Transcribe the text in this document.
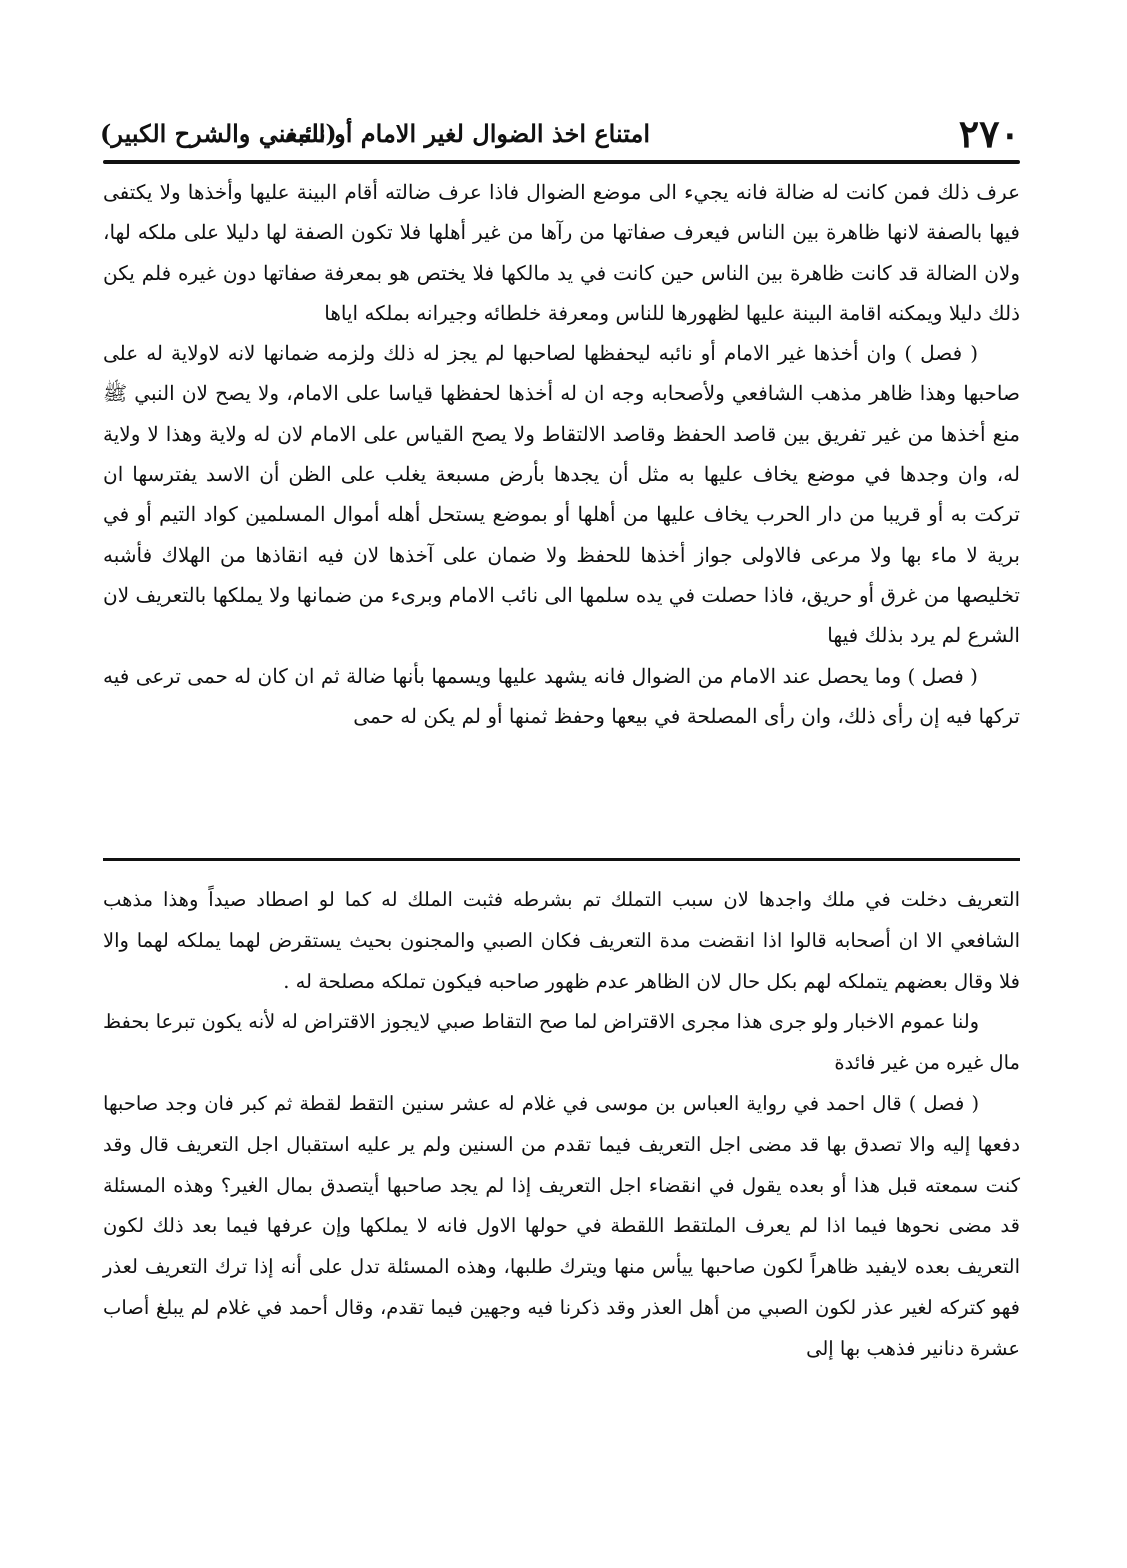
٢٧٠
امتناع اخذ الضوال لغير الامام أو نائبه
(المغني والشرح الكبير)

عرف ذلك فمن كانت له ضالة فانه يجيء الى موضع الضوال فاذا عرف ضالته أقام البينة عليها وأخذها ولا يكتفى فيها بالصفة لانها ظاهرة بين الناس فيعرف صفاتها من رآها من غير أهلها فلا تكون الصفة لها دليلا على ملكه لها، ولان الضالة قد كانت ظاهرة بين الناس حين كانت في يد مالكها فلا يختص هو بمعرفة صفاتها دون غيره فلم يكن ذلك دليلا ويمكنه اقامة البينة عليها لظهورها للناس ومعرفة خلطائه وجيرانه بملكه اياها

( فصل ) وان أخذها غير الامام أو نائبه ليحفظها لصاحبها لم يجز له ذلك ولزمه ضمانها لانه لاولاية له على صاحبها وهذا ظاهر مذهب الشافعي ولأصحابه وجه ان له أخذها لحفظها قياسا على الامام، ولا يصح لان النبي ﷺ منع أخذها من غير تفريق بين قاصد الحفظ وقاصد الالتقاط ولا يصح القياس على الامام لان له ولاية وهذا لا ولاية له، وان وجدها في موضع يخاف عليها به مثل أن يجدها بأرض مسبعة يغلب على الظن أن الاسد يفترسها ان تركت به أو قريبا من دار الحرب يخاف عليها من أهلها أو بموضع يستحل أهله أموال المسلمين كواد التيم أو في برية لا ماء بها ولا مرعى فالاولى جواز أخذها للحفظ ولا ضمان على آخذها لان فيه انقاذها من الهلاك فأشبه تخليصها من غرق أو حريق، فاذا حصلت في يده سلمها الى نائب الامام وبرىء من ضمانها ولا يملكها بالتعريف لان الشرع لم يرد بذلك فيها

( فصل ) وما يحصل عند الامام من الضوال فانه يشهد عليها ويسمها بأنها ضالة ثم ان كان له حمى ترعى فيه تركها فيه إن رأى ذلك، وان رأى المصلحة في بيعها وحفظ ثمنها أو لم يكن له حمى

التعريف دخلت في ملك واجدها لان سبب التملك تم بشرطه فثبت الملك له كما لو اصطاد صيداً وهذا مذهب الشافعي الا ان أصحابه قالوا اذا انقضت مدة التعريف فكان الصبي والمجنون بحيث يستقرض لهما يملكه لهما والا فلا وقال بعضهم يتملكه لهم بكل حال لان الظاهر عدم ظهور صاحبه فيكون تملكه مصلحة له .

ولنا عموم الاخبار ولو جرى هذا مجرى الاقتراض لما صح التقاط صبي لايجوز الاقتراض له لأنه يكون تبرعا بحفظ مال غيره من غير فائدة

( فصل ) قال احمد في رواية العباس بن موسى في غلام له عشر سنين التقط لقطة ثم كبر فان وجد صاحبها دفعها إليه والا تصدق بها قد مضى اجل التعريف فيما تقدم من السنين ولم ير عليه استقبال اجل التعريف قال وقد كنت سمعته قبل هذا أو بعده يقول في انقضاء اجل التعريف إذا لم يجد صاحبها أيتصدق بمال الغير؟ وهذه المسئلة قد مضى نحوها فيما اذا لم يعرف الملتقط اللقطة في حولها الاول فانه لا يملكها وإن عرفها فيما بعد ذلك لكون التعريف بعده لايفيد ظاهراً لكون صاحبها ييأس منها ويترك طلبها، وهذه المسئلة تدل على أنه إذا ترك التعريف لعذر فهو كتركه لغير عذر لكون الصبي من أهل العذر وقد ذكرنا فيه وجهين فيما تقدم، وقال أحمد في غلام لم يبلغ أصاب عشرة دنانير فذهب بها إلى
